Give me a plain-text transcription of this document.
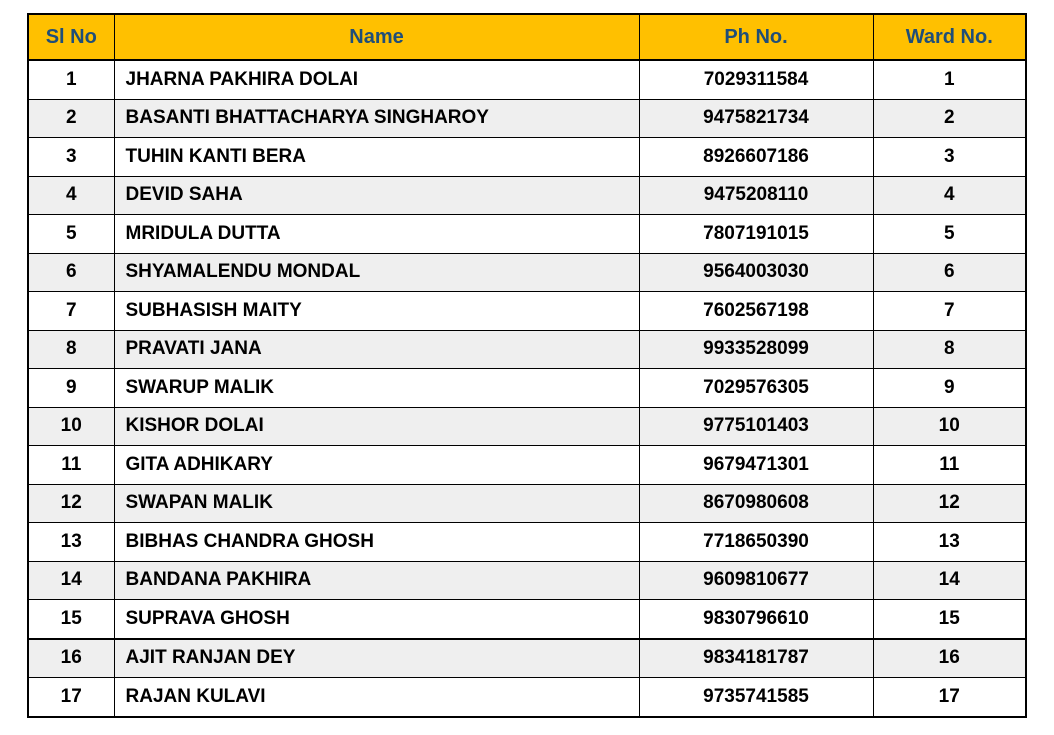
Sl No	Name	Ph No.	Ward No.
1	JHARNA PAKHIRA DOLAI	7029311584	1
2	BASANTI BHATTACHARYA SINGHAROY	9475821734	2
3	TUHIN KANTI BERA	8926607186	3
4	DEVID SAHA	9475208110	4
5	MRIDULA DUTTA	7807191015	5
6	SHYAMALENDU MONDAL	9564003030	6
7	SUBHASISH MAITY	7602567198	7
8	PRAVATI JANA	9933528099	8
9	SWARUP MALIK	7029576305	9
10	KISHOR DOLAI	9775101403	10
11	GITA ADHIKARY	9679471301	11
12	SWAPAN MALIK	8670980608	12
13	BIBHAS CHANDRA GHOSH	7718650390	13
14	BANDANA PAKHIRA	9609810677	14
15	SUPRAVA GHOSH	9830796610	15
16	AJIT RANJAN DEY	9834181787	16
17	RAJAN KULAVI	9735741585	17
